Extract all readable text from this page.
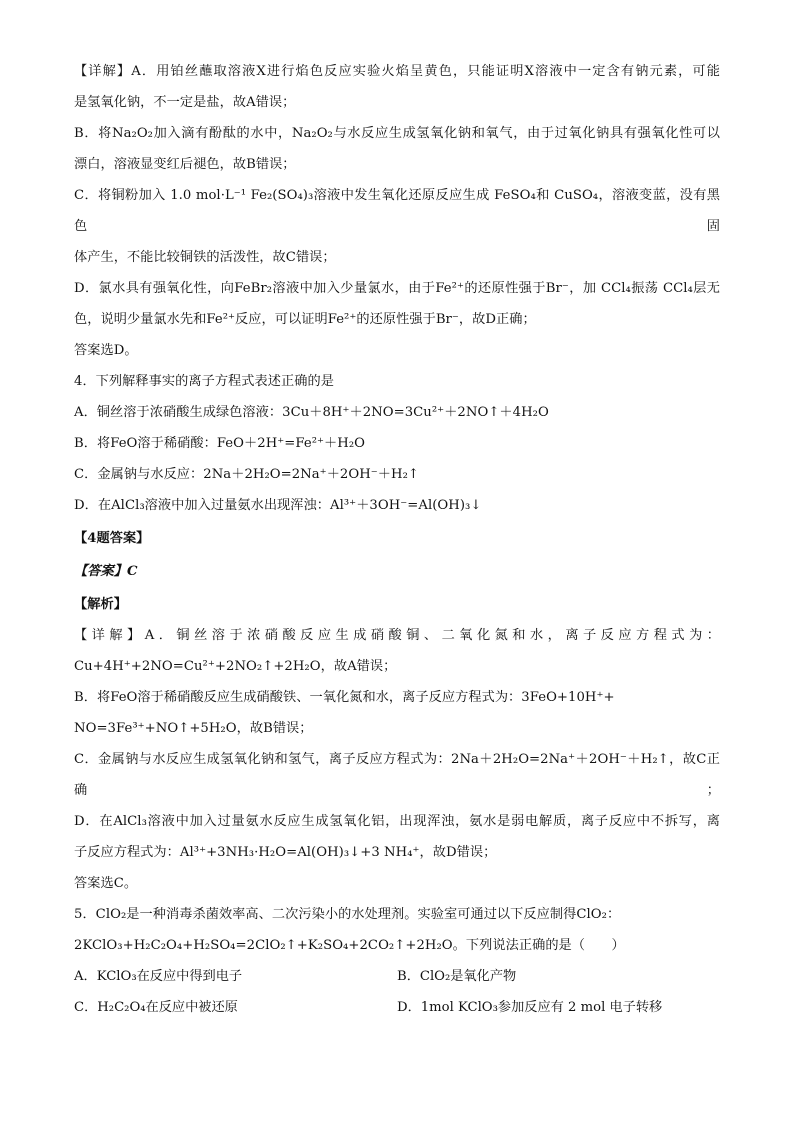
【详解】A．用铂丝蘸取溶液X进行焰色反应实验火焰呈黄色，只能证明X溶液中一定含有钠元素，可能
是氢氧化钠，不一定是盐，故A错误；
B．将Na₂O₂加入滴有酚酞的水中，Na₂O₂与水反应生成氢氧化钠和氧气，由于过氧化钠具有强氧化性可以
漂白，溶液显变红后褪色，故B错误；
C．将铜粉加入 1.0 mol·L⁻¹ Fe₂(SO₄)₃溶液中发生氧化还原反应生成 FeSO₄和 CuSO₄，溶液变蓝，没有黑色固
体产生，不能比较铜铁的活泼性，故C错误；
D．氯水具有强氧化性，向FeBr₂溶液中加入少量氯水，由于Fe²⁺的还原性强于Br⁻，加 CCl₄振荡 CCl₄层无
色，说明少量氯水先和Fe²⁺反应，可以证明Fe²⁺的还原性强于Br⁻，故D正确；
答案选D。
4．下列解释事实的离子方程式表述正确的是
A．铜丝溶于浓硝酸生成绿色溶液：3Cu＋8H⁺＋2NO=3Cu²⁺＋2NO↑＋4H₂O
B．将FeO溶于稀硝酸：FeO＋2H⁺=Fe²⁺＋H₂O
C．金属钠与水反应：2Na＋2H₂O=2Na⁺＋2OH⁻＋H₂↑
D．在AlCl₃溶液中加入过量氨水出现浑浊：Al³⁺＋3OH⁻=Al(OH)₃↓
【4题答案】
【答案】C
【解析】
【详解】A．铜丝溶于浓硝酸反应生成硝酸铜、二氧化氮和水，离子反应方程式为：
Cu+4H⁺+2NO=Cu²⁺+2NO₂↑+2H₂O，故A错误；
B．将FeO溶于稀硝酸反应生成硝酸铁、一氧化氮和水，离子反应方程式为：3FeO+10H⁺+
NO=3Fe³⁺+NO↑+5H₂O，故B错误；
C．金属钠与水反应生成氢氧化钠和氢气，离子反应方程式为：2Na＋2H₂O=2Na⁺＋2OH⁻＋H₂↑，故C正确；
D．在AlCl₃溶液中加入过量氨水反应生成氢氧化铝，出现浑浊，氨水是弱电解质，离子反应中不拆写，离
子反应方程式为：Al³⁺+3NH₃·H₂O=Al(OH)₃↓+3 NH₄⁺，故D错误；
答案选C。
5．ClO₂是一种消毒杀菌效率高、二次污染小的水处理剂。实验室可通过以下反应制得ClO₂：
2KClO₃+H₂C₂O₄+H₂SO₄=2ClO₂↑+K₂SO₄+2CO₂↑+2H₂O。下列说法正确的是（　　）
A．KClO₃在反应中得到电子	B．ClO₂是氧化产物
C．H₂C₂O₄在反应中被还原	D．1mol KClO₃参加反应有 2 mol 电子转移
